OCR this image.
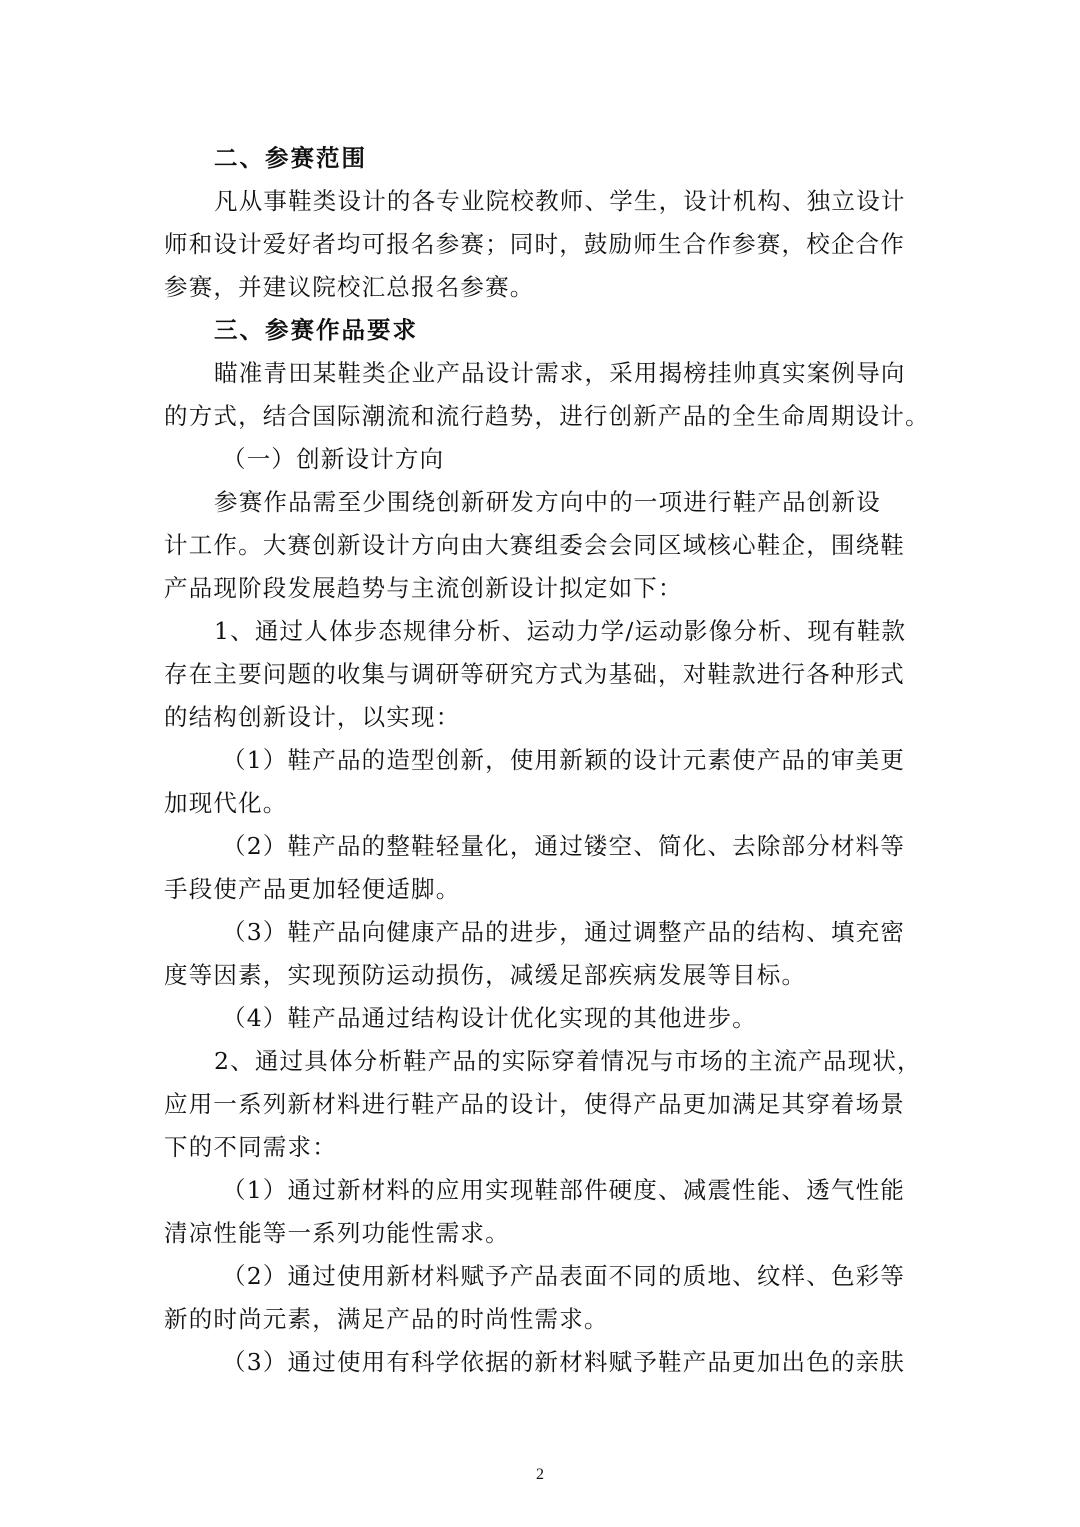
二、参赛范围
凡从事鞋类设计的各专业院校教师、学生，设计机构、独立设计
师和设计爱好者均可报名参赛；同时，鼓励师生合作参赛，校企合作
参赛，并建议院校汇总报名参赛。
三、参赛作品要求
瞄准青田某鞋类企业产品设计需求，采用揭榜挂帅真实案例导向
的方式，结合国际潮流和流行趋势，进行创新产品的全生命周期设计。
（一）创新设计方向
参赛作品需至少围绕创新研发方向中的一项进行鞋产品创新设
计工作。大赛创新设计方向由大赛组委会会同区域核心鞋企，围绕鞋
产品现阶段发展趋势与主流创新设计拟定如下：
1、通过人体步态规律分析、运动力学/运动影像分析、现有鞋款
存在主要问题的收集与调研等研究方式为基础，对鞋款进行各种形式
的结构创新设计，以实现：
（1）鞋产品的造型创新，使用新颖的设计元素使产品的审美更
加现代化。
（2）鞋产品的整鞋轻量化，通过镂空、简化、去除部分材料等
手段使产品更加轻便适脚。
（3）鞋产品向健康产品的进步，通过调整产品的结构、填充密
度等因素，实现预防运动损伤，减缓足部疾病发展等目标。
（4）鞋产品通过结构设计优化实现的其他进步。
2、通过具体分析鞋产品的实际穿着情况与市场的主流产品现状，
应用一系列新材料进行鞋产品的设计，使得产品更加满足其穿着场景
下的不同需求：
（1）通过新材料的应用实现鞋部件硬度、减震性能、透气性能
清凉性能等一系列功能性需求。
（2）通过使用新材料赋予产品表面不同的质地、纹样、色彩等
新的时尚元素，满足产品的时尚性需求。
（3）通过使用有科学依据的新材料赋予鞋产品更加出色的亲肤
2
